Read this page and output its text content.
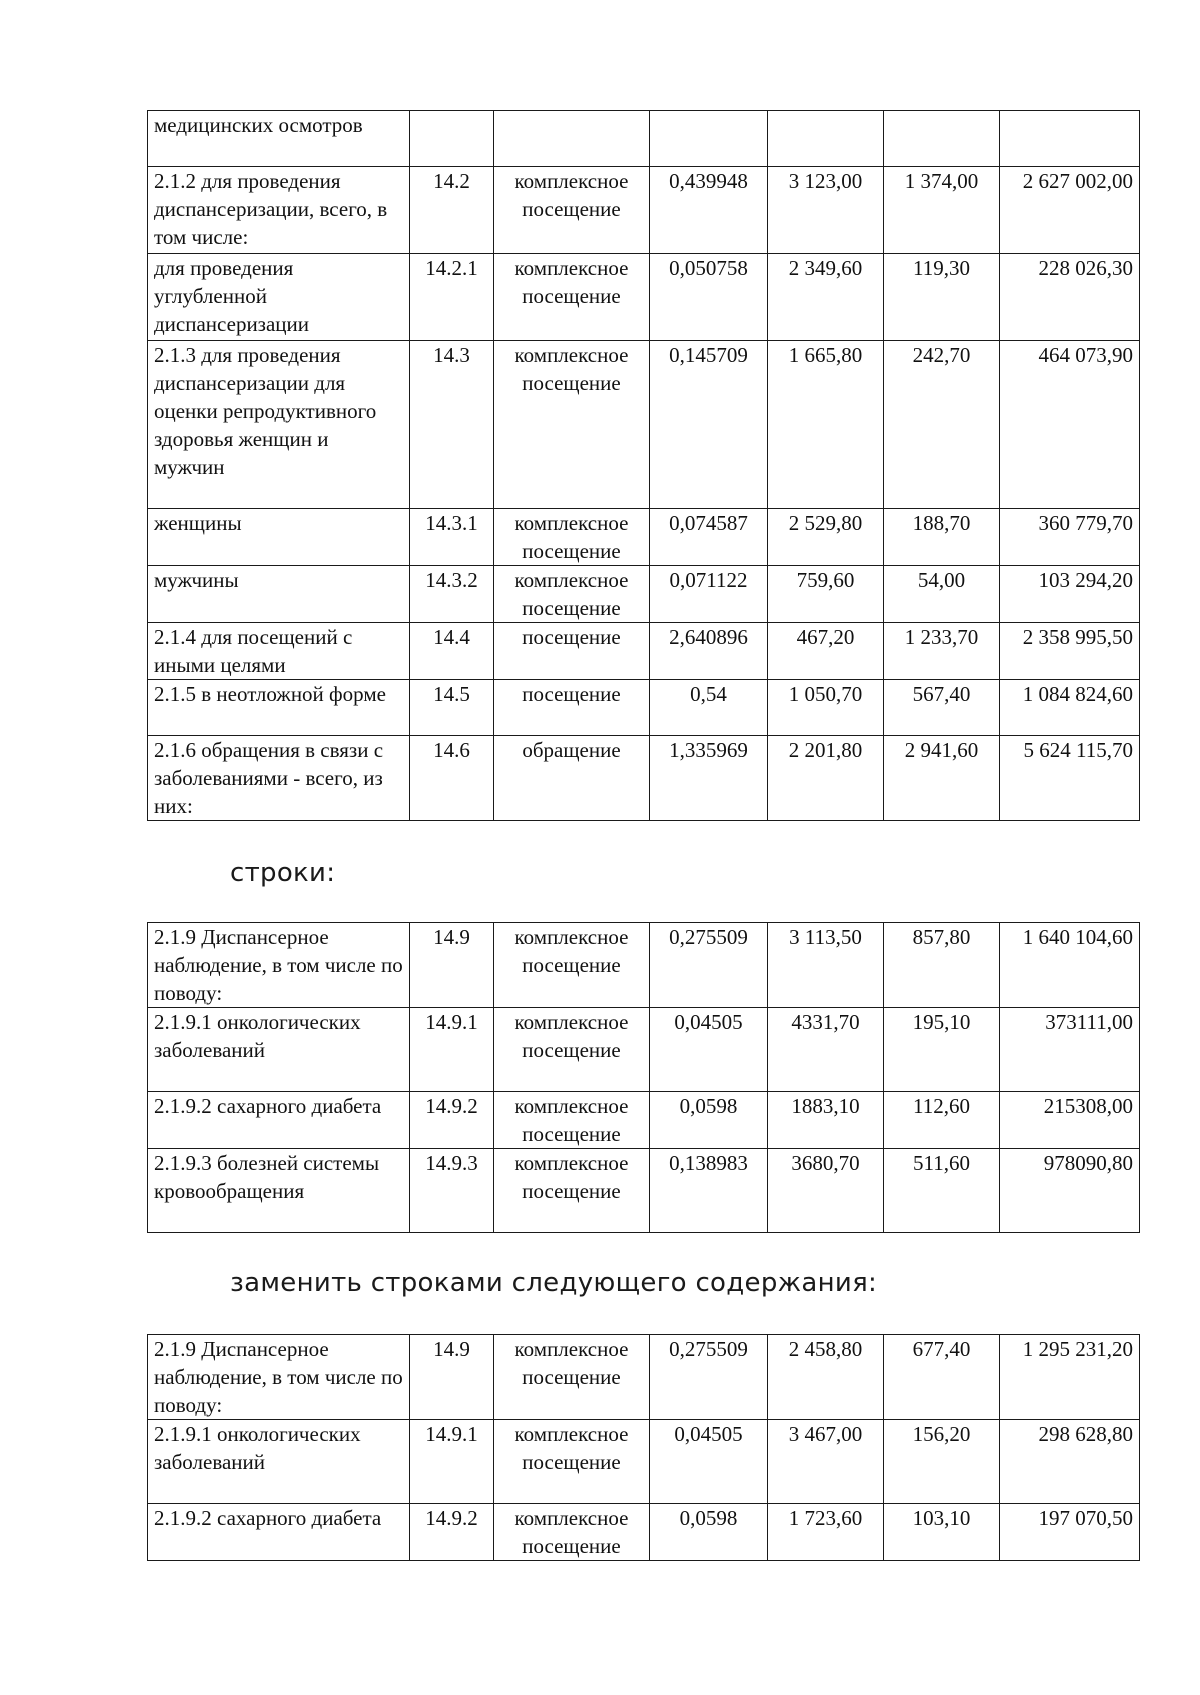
медицинских осмотров						
2.1.2 для проведения диспансеризации, всего, в том числе:	14.2	комплексное посещение	0,439948	3 123,00	1 374,00	2 627 002,00
для проведения углубленной диспансеризации	14.2.1	комплексное посещение	0,050758	2 349,60	119,30	228 026,30
2.1.3 для проведения диспансеризации для оценки репродуктивного здоровья женщин и мужчин	14.3	комплексное посещение	0,145709	1 665,80	242,70	464 073,90
женщины	14.3.1	комплексное посещение	0,074587	2 529,80	188,70	360 779,70
мужчины	14.3.2	комплексное посещение	0,071122	759,60	54,00	103 294,20
2.1.4 для посещений с иными целями	14.4	посещение	2,640896	467,20	1 233,70	2 358 995,50
2.1.5 в неотложной форме	14.5	посещение	0,54	1 050,70	567,40	1 084 824,60
2.1.6 обращения в связи с заболеваниями - всего, из них:	14.6	обращение	1,335969	2 201,80	2 941,60	5 624 115,70
строки:
2.1.9 Диспансерное наблюдение, в том числе по поводу:	14.9	комплексное посещение	0,275509	3 113,50	857,80	1 640 104,60
2.1.9.1 онкологических заболеваний	14.9.1	комплексное посещение	0,04505	4331,70	195,10	373111,00
2.1.9.2 сахарного диабета	14.9.2	комплексное посещение	0,0598	1883,10	112,60	215308,00
2.1.9.3 болезней системы кровообращения	14.9.3	комплексное посещение	0,138983	3680,70	511,60	978090,80
заменить строками следующего содержания:
2.1.9 Диспансерное наблюдение, в том числе по поводу:	14.9	комплексное посещение	0,275509	2 458,80	677,40	1 295 231,20
2.1.9.1 онкологических заболеваний	14.9.1	комплексное посещение	0,04505	3 467,00	156,20	298 628,80
2.1.9.2 сахарного диабета	14.9.2	комплексное посещение	0,0598	1 723,60	103,10	197 070,50
